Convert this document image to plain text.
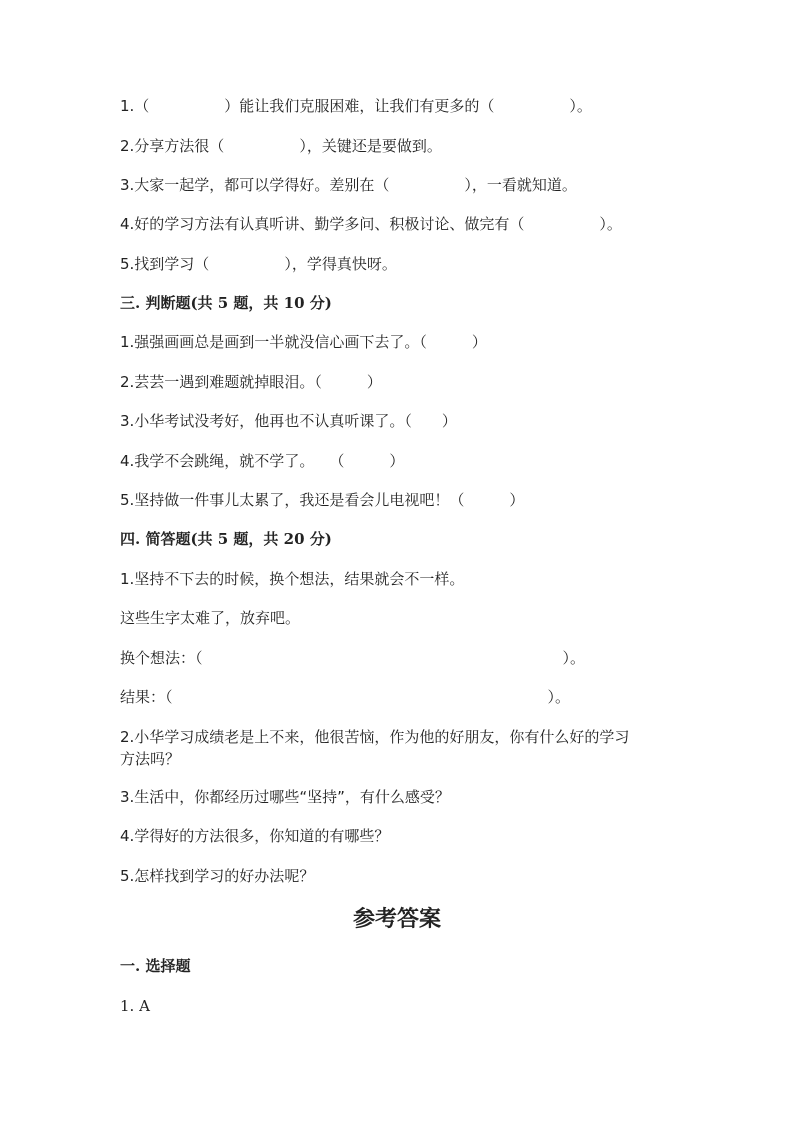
1.（　　　　　）能让我们克服困难，让我们有更多的（　　　　　）。
2.分享方法很（　　　　　），关键还是要做到。
3.大家一起学，都可以学得好。差别在（　　　　　），一看就知道。
4.好的学习方法有认真听讲、勤学多问、积极讨论、做完有（　　　　　）。
5.找到学习（　　　　　），学得真快呀。
三. 判断题(共 5 题，共 10 分)
1.强强画画总是画到一半就没信心画下去了。（　　　）
2.芸芸一遇到难题就掉眼泪。（　　　）
3.小华考试没考好，他再也不认真听课了。（　　）
4.我学不会跳绳，就不学了。　　（　　　）
5.坚持做一件事儿太累了，我还是看会儿电视吧！（　　　）
四. 简答题(共 5 题，共 20 分)
1.坚持不下去的时候，换个想法，结果就会不一样。
这些生字太难了，放弃吧。
换个想法：（　　　　　　　　　　　　　　　　　　　　　　　　）。
结果：（　　　　　　　　　　　　　　　　　　　　　　　　　）。
2.小华学习成绩老是上不来，他很苦恼，作为他的好朋友，你有什么好的学习
方法吗？
3.生活中，你都经历过哪些“坚持”，有什么感受？
4.学得好的方法很多，你知道的有哪些？
5.怎样找到学习的好办法呢？
参考答案
一. 选择题
1. A
